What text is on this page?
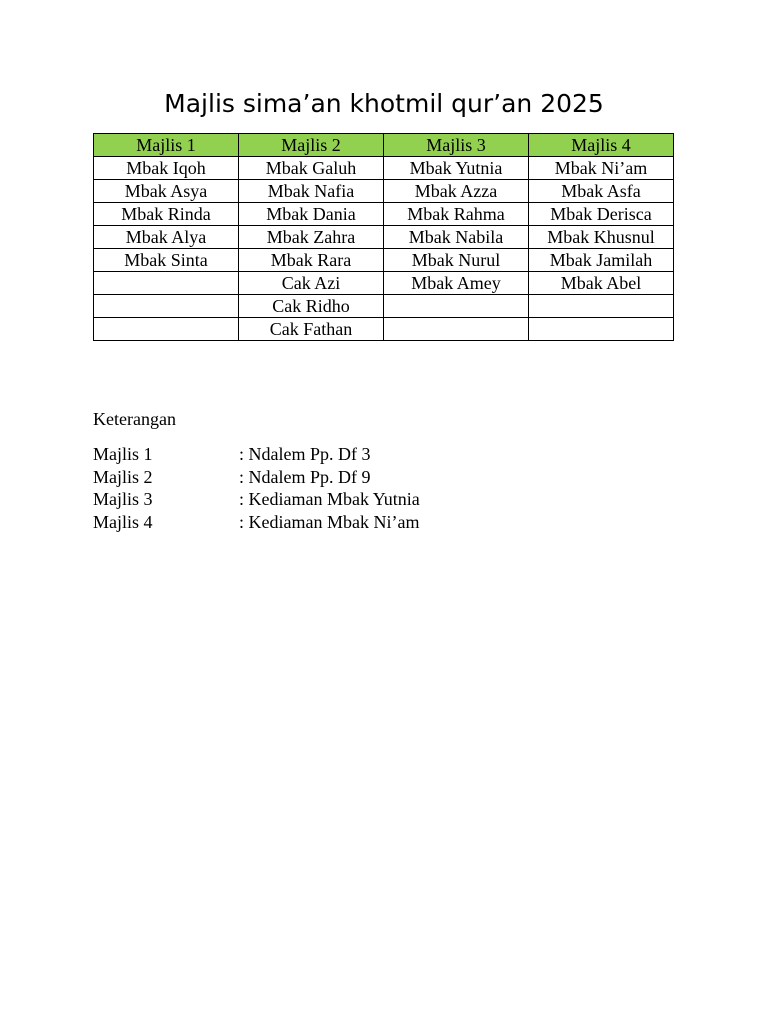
Majlis sima’an khotmil qur’an 2025
Majlis 1	Majlis 2	Majlis 3	Majlis 4
Mbak Iqoh	Mbak Galuh	Mbak Yutnia	Mbak Ni’am
Mbak Asya	Mbak Nafia	Mbak Azza	Mbak Asfa
Mbak Rinda	Mbak Dania	Mbak Rahma	Mbak Derisca
Mbak Alya	Mbak Zahra	Mbak Nabila	Mbak Khusnul
Mbak Sinta	Mbak Rara	Mbak Nurul	Mbak Jamilah
	Cak Azi	Mbak Amey	Mbak Abel
	Cak Ridho		
	Cak Fathan		
Keterangan
Majlis 1	: Ndalem Pp. Df 3
Majlis 2	: Ndalem Pp. Df 9
Majlis 3	: Kediaman Mbak Yutnia
Majlis 4	: Kediaman Mbak Ni’am
